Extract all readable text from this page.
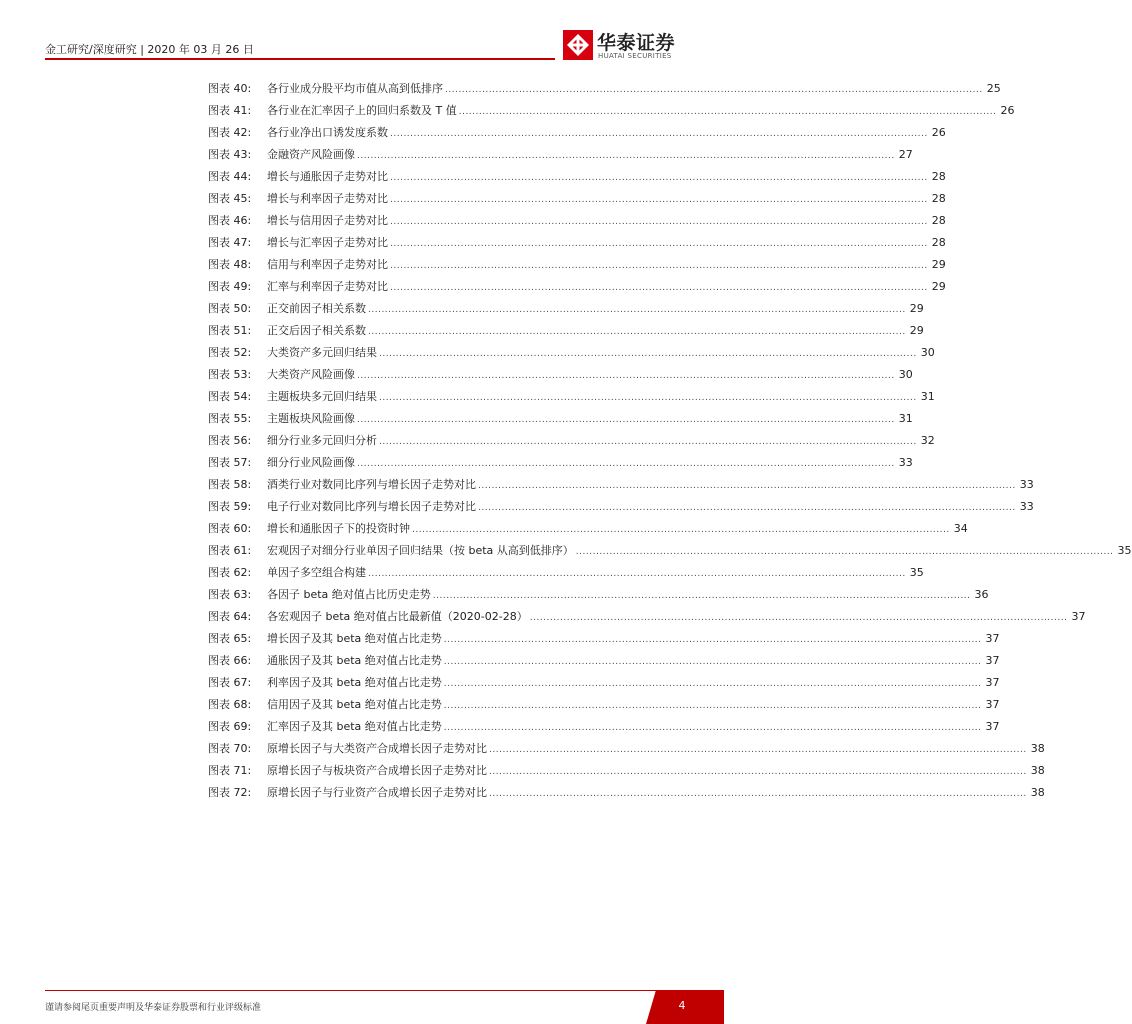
金工研究/深度研究 | 2020 年 03 月 26 日	华泰证券
HUATAI SECURITIES
图表 40:	各行业成分股平均市值从高到低排序 ................................................................................................................................................................ 25
图表 41:	各行业在汇率因子上的回归系数及 T 值 ................................................................................................................................................................ 26
图表 42:	各行业净出口诱发度系数 ................................................................................................................................................................ 26
图表 43:	金融资产风险画像 ................................................................................................................................................................ 27
图表 44:	增长与通胀因子走势对比 ................................................................................................................................................................ 28
图表 45:	增长与利率因子走势对比 ................................................................................................................................................................ 28
图表 46:	增长与信用因子走势对比 ................................................................................................................................................................ 28
图表 47:	增长与汇率因子走势对比 ................................................................................................................................................................ 28
图表 48:	信用与利率因子走势对比 ................................................................................................................................................................ 29
图表 49:	汇率与利率因子走势对比 ................................................................................................................................................................ 29
图表 50:	正交前因子相关系数 ................................................................................................................................................................ 29
图表 51:	正交后因子相关系数 ................................................................................................................................................................ 29
图表 52:	大类资产多元回归结果 ................................................................................................................................................................ 30
图表 53:	大类资产风险画像 ................................................................................................................................................................ 30
图表 54:	主题板块多元回归结果 ................................................................................................................................................................ 31
图表 55:	主题板块风险画像 ................................................................................................................................................................ 31
图表 56:	细分行业多元回归分析 ................................................................................................................................................................ 32
图表 57:	细分行业风险画像 ................................................................................................................................................................ 33
图表 58:	酒类行业对数同比序列与增长因子走势对比 ................................................................................................................................................................ 33
图表 59:	电子行业对数同比序列与增长因子走势对比 ................................................................................................................................................................ 33
图表 60:	增长和通胀因子下的投资时钟 ................................................................................................................................................................ 34
图表 61:	宏观因子对细分行业单因子回归结果（按 beta 从高到低排序） ................................................................................................................................................................ 35
图表 62:	单因子多空组合构建 ................................................................................................................................................................ 35
图表 63:	各因子 beta 绝对值占比历史走势 ................................................................................................................................................................ 36
图表 64:	各宏观因子 beta 绝对值占比最新值（2020-02-28） ................................................................................................................................................................ 37
图表 65:	增长因子及其 beta 绝对值占比走势 ................................................................................................................................................................ 37
图表 66:	通胀因子及其 beta 绝对值占比走势 ................................................................................................................................................................ 37
图表 67:	利率因子及其 beta 绝对值占比走势 ................................................................................................................................................................ 37
图表 68:	信用因子及其 beta 绝对值占比走势 ................................................................................................................................................................ 37
图表 69:	汇率因子及其 beta 绝对值占比走势 ................................................................................................................................................................ 37
图表 70:	原增长因子与大类资产合成增长因子走势对比 ................................................................................................................................................................ 38
图表 71:	原增长因子与板块资产合成增长因子走势对比 ................................................................................................................................................................ 38
图表 72:	原增长因子与行业资产合成增长因子走势对比 ................................................................................................................................................................ 38
谨请参阅尾页重要声明及华泰证券股票和行业评级标准	4
